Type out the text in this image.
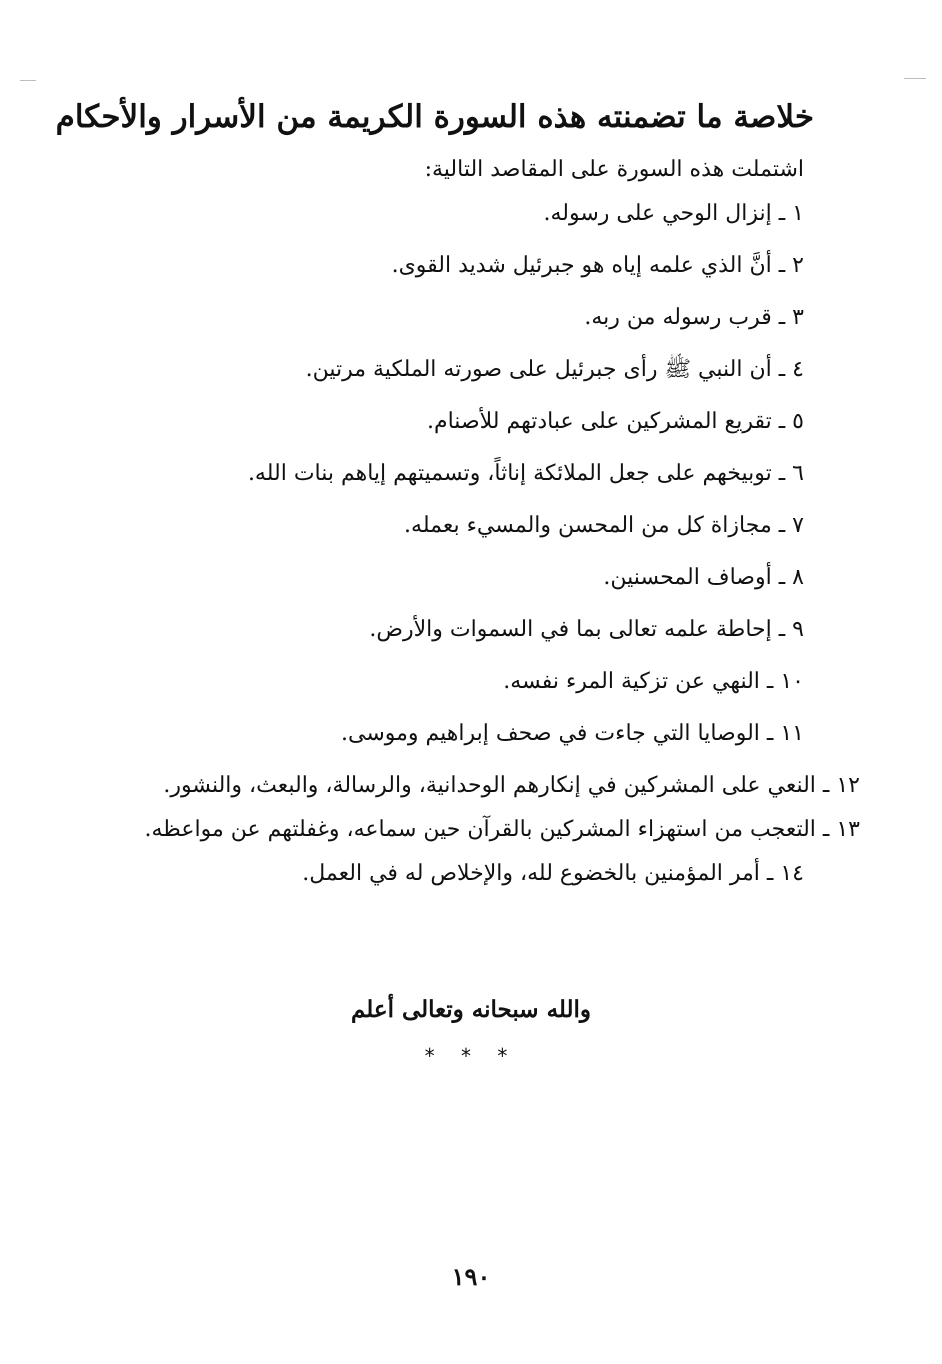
خلاصة ما تضمنته هذه السورة الكريمة من الأسرار والأحكام

اشتملت هذه السورة على المقاصد التالية:

١ ـ إنزال الوحي على رسوله.
٢ ـ أنَّ الذي علمه إياه هو جبرئيل شديد القوى.
٣ ـ قرب رسوله من ربه.
٤ ـ أن النبي ﷺ رأى جبرئيل على صورته الملكية مرتين.
٥ ـ تقريع المشركين على عبادتهم للأصنام.
٦ ـ توبيخهم على جعل الملائكة إناثاً، وتسميتهم إياهم بنات الله.
٧ ـ مجازاة كل من المحسن والمسيء بعمله.
٨ ـ أوصاف المحسنين.
٩ ـ إحاطة علمه تعالى بما في السموات والأرض.
١٠ ـ النهي عن تزكية المرء نفسه.
١١ ـ الوصايا التي جاءت في صحف إبراهيم وموسى.
١٢ ـ النعي على المشركين في إنكارهم الوحدانية، والرسالة، والبعث، والنشور.
١٣ ـ التعجب من استهزاء المشركين بالقرآن حين سماعه، وغفلتهم عن مواعظه.
١٤ ـ أمر المؤمنين بالخضوع لله، والإخلاص له في العمل.
والله سبحانه وتعالى أعلم
* * *
١٩٠
